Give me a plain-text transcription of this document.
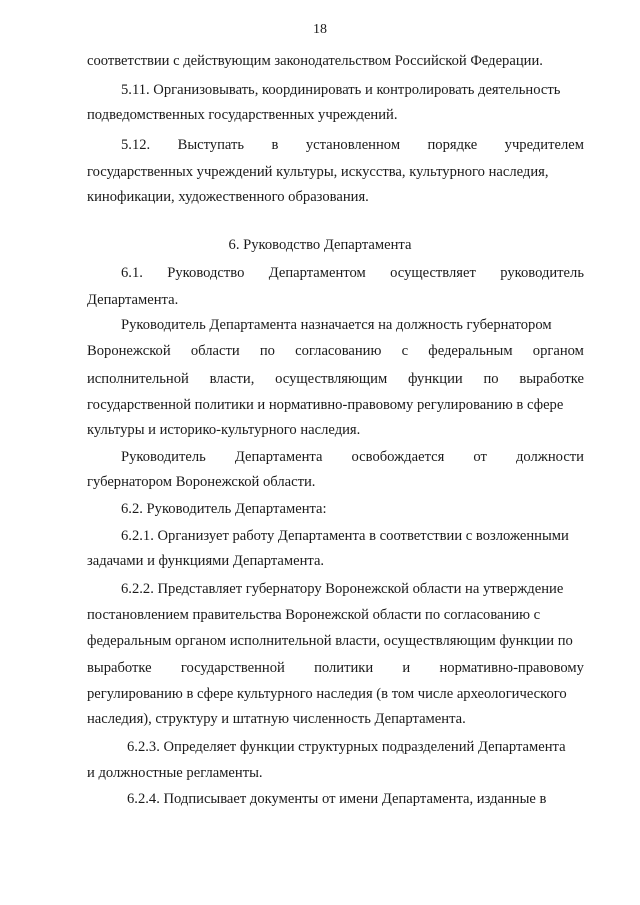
18
соответствии с действующим законодательством Российской Федерации.
5.11. Организовывать, координировать и контролировать деятельность
подведомственных государственных учреждений.
5.12. Выступать в установленном порядке учредителем
государственных учреждений культуры, искусства, культурного наследия,
кинофикации, художественного образования.
6. Руководство Департамента
6.1. Руководство Департаментом осуществляет руководитель
Департамента.
Руководитель Департамента назначается на должность губернатором
Воронежской области по согласованию с федеральным органом
исполнительной власти, осуществляющим функции по выработке
государственной политики и нормативно-правовому регулированию в сфере
культуры и историко-культурного наследия.
Руководитель Департамента освобождается от должности
губернатором Воронежской области.
6.2. Руководитель Департамента:
6.2.1. Организует работу Департамента в соответствии с возложенными
задачами и функциями Департамента.
6.2.2. Представляет губернатору Воронежской области на утверждение
постановлением правительства Воронежской области по согласованию с
федеральным органом исполнительной власти, осуществляющим функции по
выработке государственной политики и нормативно-правовому
регулированию в сфере культурного наследия (в том числе археологического
наследия), структуру и штатную численность Департамента.
6.2.3. Определяет функции структурных подразделений Департамента
и должностные регламенты.
6.2.4. Подписывает документы от имени Департамента, изданные в
